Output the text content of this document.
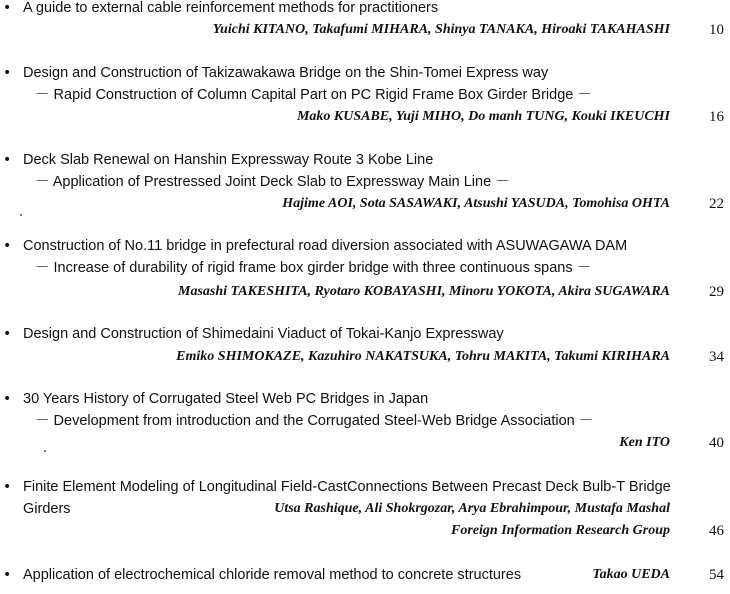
• A guide to external cable reinforcement methods for practitioners
Yuichi KITANO, Takafumi MIHARA, Shinya TANAKA, Hiroaki TAKAHASHI	10
• Design and Construction of Takizawakawa Bridge on the Shin-Tomei Express way
－ Rapid Construction of Column Capital Part on PC Rigid Frame Box Girder Bridge －
Mako KUSABE, Yuji MIHO, Do manh TUNG, Kouki IKEUCHI	16
• Deck Slab Renewal on Hanshin Expressway Route 3 Kobe Line
－ Application of Prestressed Joint Deck Slab to Expressway Main Line －
Hajime AOI, Sota SASAWAKI, Atsushi YASUDA, Tomohisa OHTA	22
• Construction of No.11 bridge in prefectural road diversion associated with ASUWAGAWA DAM
－ Increase of durability of rigid frame box girder bridge with three continuous spans －
Masashi TAKESHITA, Ryotaro KOBAYASHI, Minoru YOKOTA, Akira SUGAWARA	29
• Design and Construction of Shimedaini Viaduct of Tokai-Kanjo Expressway
Emiko SHIMOKAZE, Kazuhiro NAKATSUKA, Tohru MAKITA, Takumi KIRIHARA	34
• 30 Years History of Corrugated Steel Web PC Bridges in Japan
－ Development from introduction and the Corrugated Steel-Web Bridge Association －
Ken ITO	40
• Finite Element Modeling of Longitudinal Field-CastConnections Between Precast Deck Bulb-T Bridge
Girders	Utsa Rashique, Ali Shokrgozar, Arya Ebrahimpour, Mustafa Mashal
Foreign Information Research Group	46
• Application of electrochemical chloride removal method to concrete structures	Takao UEDA	54
